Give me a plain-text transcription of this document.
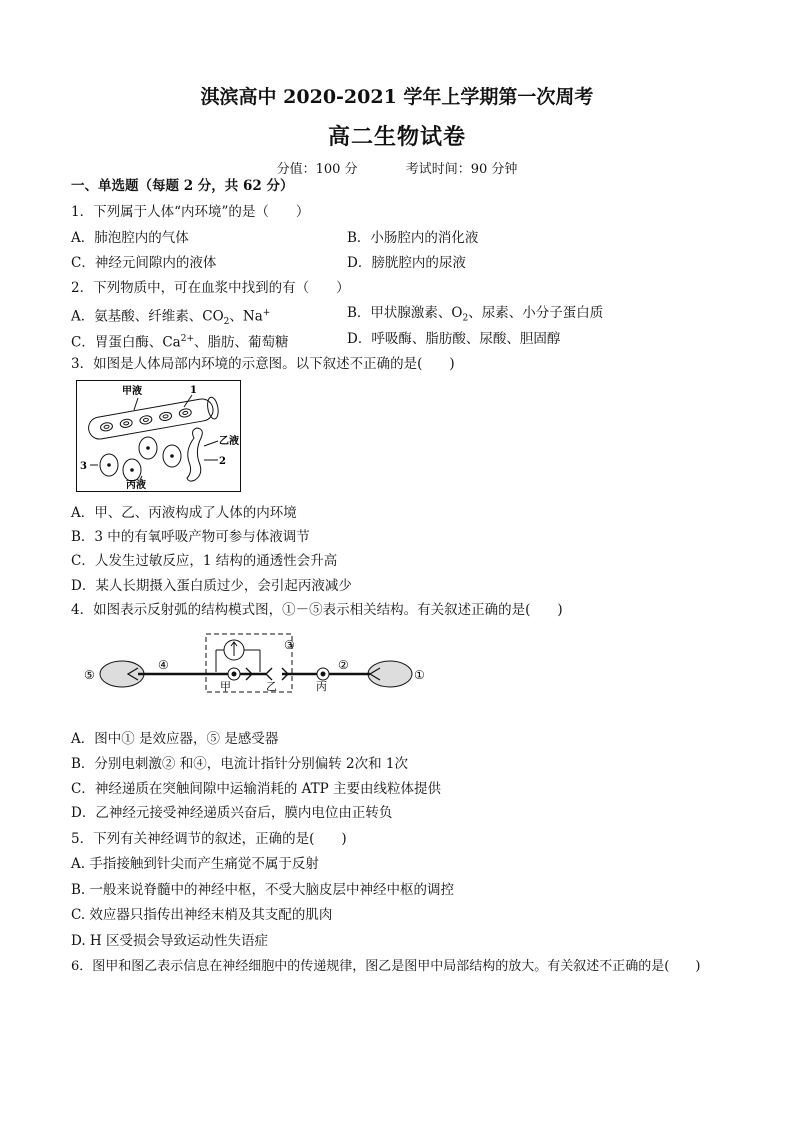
淇滨高中 2020-2021 学年上学期第一次周考
高二生物试卷
分值：100 分	考试时间：90 分钟
一、单选题（每题 2 分，共 62 分）
1．下列属于人体“内环境”的是（　　）
A．肺泡腔内的气体	B．小肠腔内的消化液
C．神经元间隙内的液体	D．膀胱腔内的尿液
2．下列物质中，可在血浆中找到的有（　　）
A．氨基酸、纤维素、$CO_2$、Na+	B．甲状腺激素、$O_2$、尿素、小分子蛋白质
C．胃蛋白酶、$Ca^{2+}$、脂肪、葡萄糖	D．呼吸酶、脂肪酸、尿酸、胆固醇
3．如图是人体局部内环境的示意图。以下叙述不正确的是(　　)
甲液	1
乙液
2
3
丙液
A．甲、乙、丙液构成了人体的内环境
B．3 中的有氧呼吸产物可参与体液调节
C．人发生过敏反应，1 结构的通透性会升高
D．某人长期摄入蛋白质过少，会引起丙液减少
4．如图表示反射弧的结构模式图，①－⑤表示相关结构。有关叙述正确的是(　　)
⑤
④
③
②
①
甲	乙	丙
A．图中① 是效应器，⑤ 是感受器
B．分别电刺激② 和④，电流计指针分别偏转 2次和 1次
C．神经递质在突触间隙中运输消耗的 ATP 主要由线粒体提供
D．乙神经元接受神经递质兴奋后，膜内电位由正转负
5．下列有关神经调节的叙述，正确的是(　　)
A. 手指接触到针尖而产生痛觉不属于反射
B. 一般来说脊髓中的神经中枢，不受大脑皮层中神经中枢的调控
C. 效应器只指传出神经末梢及其支配的肌肉
D. H 区受损会导致运动性失语症
6．图甲和图乙表示信息在神经细胞中的传递规律，图乙是图甲中局部结构的放大。有关叙述不正确的是(　　)
